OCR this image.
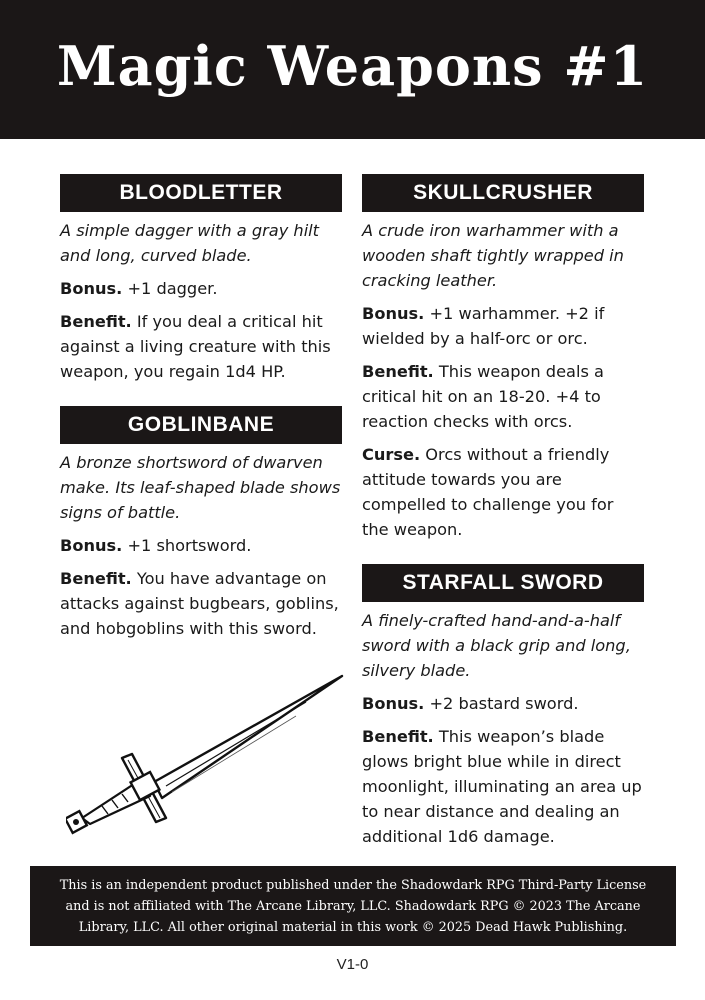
Magic Weapons #1
BLOODLETTER

A simple dagger with a gray hilt and long, curved blade.

Bonus. +1 dagger.

Benefit. If you deal a critical hit against a living creature with this weapon, you regain 1d4 HP.

GOBLINBANE

A bronze shortsword of dwarven make. Its leaf-shaped blade shows signs of battle.

Bonus. +1 shortsword.

Benefit. You have advantage on attacks against bugbears, goblins, and hobgoblins with this sword.

SKULLCRUSHER

A crude iron warhammer with a wooden shaft tightly wrapped in cracking leather.

Bonus. +1 warhammer. +2 if wielded by a half-orc or orc.

Benefit. This weapon deals a critical hit on an 18-20. +4 to reaction checks with orcs.

Curse. Orcs without a friendly attitude towards you are compelled to challenge you for the weapon.

STARFALL SWORD

A finely-crafted hand-and-a-half sword with a black grip and long, silvery blade.

Bonus. +2 bastard sword.

Benefit. This weapon’s blade glows bright blue while in direct moonlight, illuminating an area up to near distance and dealing an additional 1d6 damage.

This is an independent product published under the Shadowdark RPG Third-Party License
and is not affiliated with The Arcane Library, LLC. Shadowdark RPG © 2023 The Arcane
Library, LLC. All other original material in this work © 2025 Dead Hawk Publishing.
V1-0
